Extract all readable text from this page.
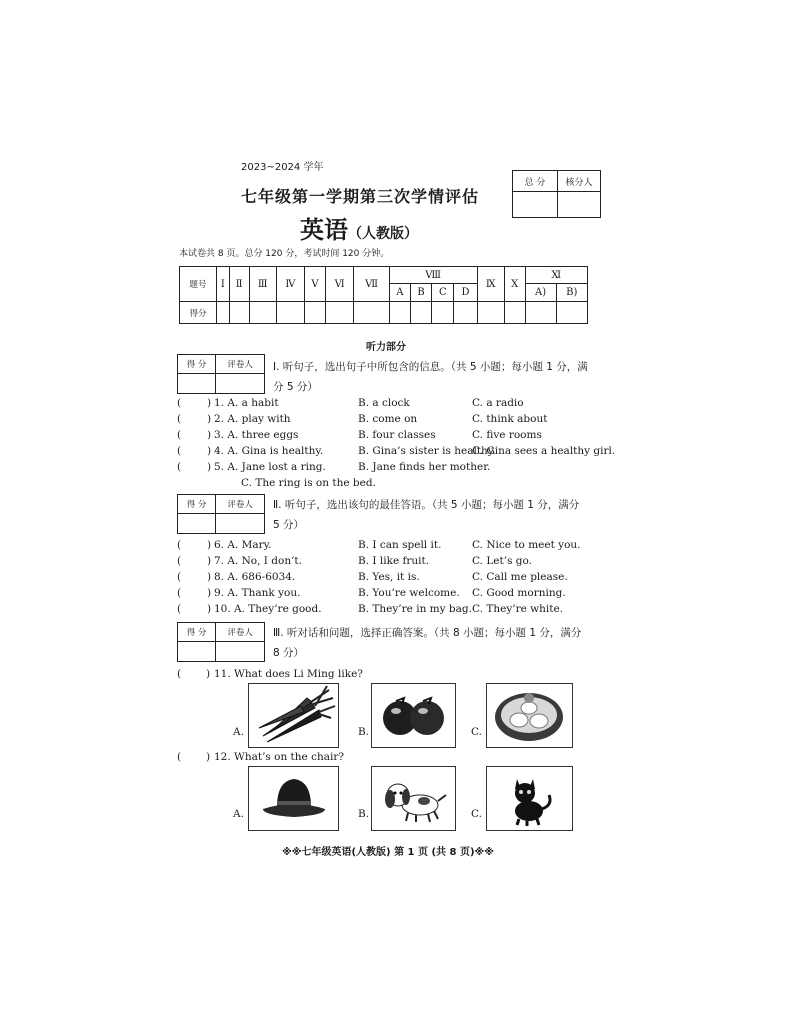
2023~2024 学年
七年级第一学期第三次学情评估
英语（人教版）
总 分	核分人

本试卷共 8 页。总分 120 分，考试时间 120 分钟。
题号	Ⅰ	Ⅱ	Ⅲ	Ⅳ	Ⅴ	Ⅵ	Ⅶ	Ⅷ				Ⅸ	Ⅹ	Ⅺ	
								A	B	C	D			A)	B)
得分															
听力部分
得 分	评卷人
	Ⅰ. 听句子，选出句子中所包含的信息。（共 5 小题；每小题 1 分，满
分 5 分）
( ) 1. A. a habit	B. a clock	C. a radio
( ) 2. A. play with	B. come on	C. think about
( ) 3. A. three eggs	B. four classes	C. five rooms
( ) 4. A. Gina is healthy.	B. Gina’s sister is healthy.
C. Gina sees a healthy girl.
( ) 5. A. Jane lost a ring.	B. Jane finds her mother.
C. The ring is on the bed.
得 分	评卷人
	Ⅱ. 听句子，选出该句的最佳答语。（共 5 小题；每小题 1 分，满分
5 分）
( ) 6. A. Mary.	B. I can spell it.	C. Nice to meet you.
( ) 7. A. No, I don’t.	B. I like fruit.	C. Let’s go.
( ) 8. A. 686-6034.	B. Yes, it is.	C. Call me please.
( ) 9. A. Thank you.	B. You’re welcome. C. Good morning.
( ) 10. A. They’re good.	B. They’re in my bag. C. They’re white.
得 分	评卷人
	Ⅲ. 听对话和问题，选择正确答案。（共 8 小题；每小题 1 分，满分
8 分）
( ) 11. What does Li Ming like?
A.	B.	C.
( ) 12. What’s on the chair?
A.	B.	C.
※※七年级英语(人教版) 第 1 页 (共 8 页)※※
